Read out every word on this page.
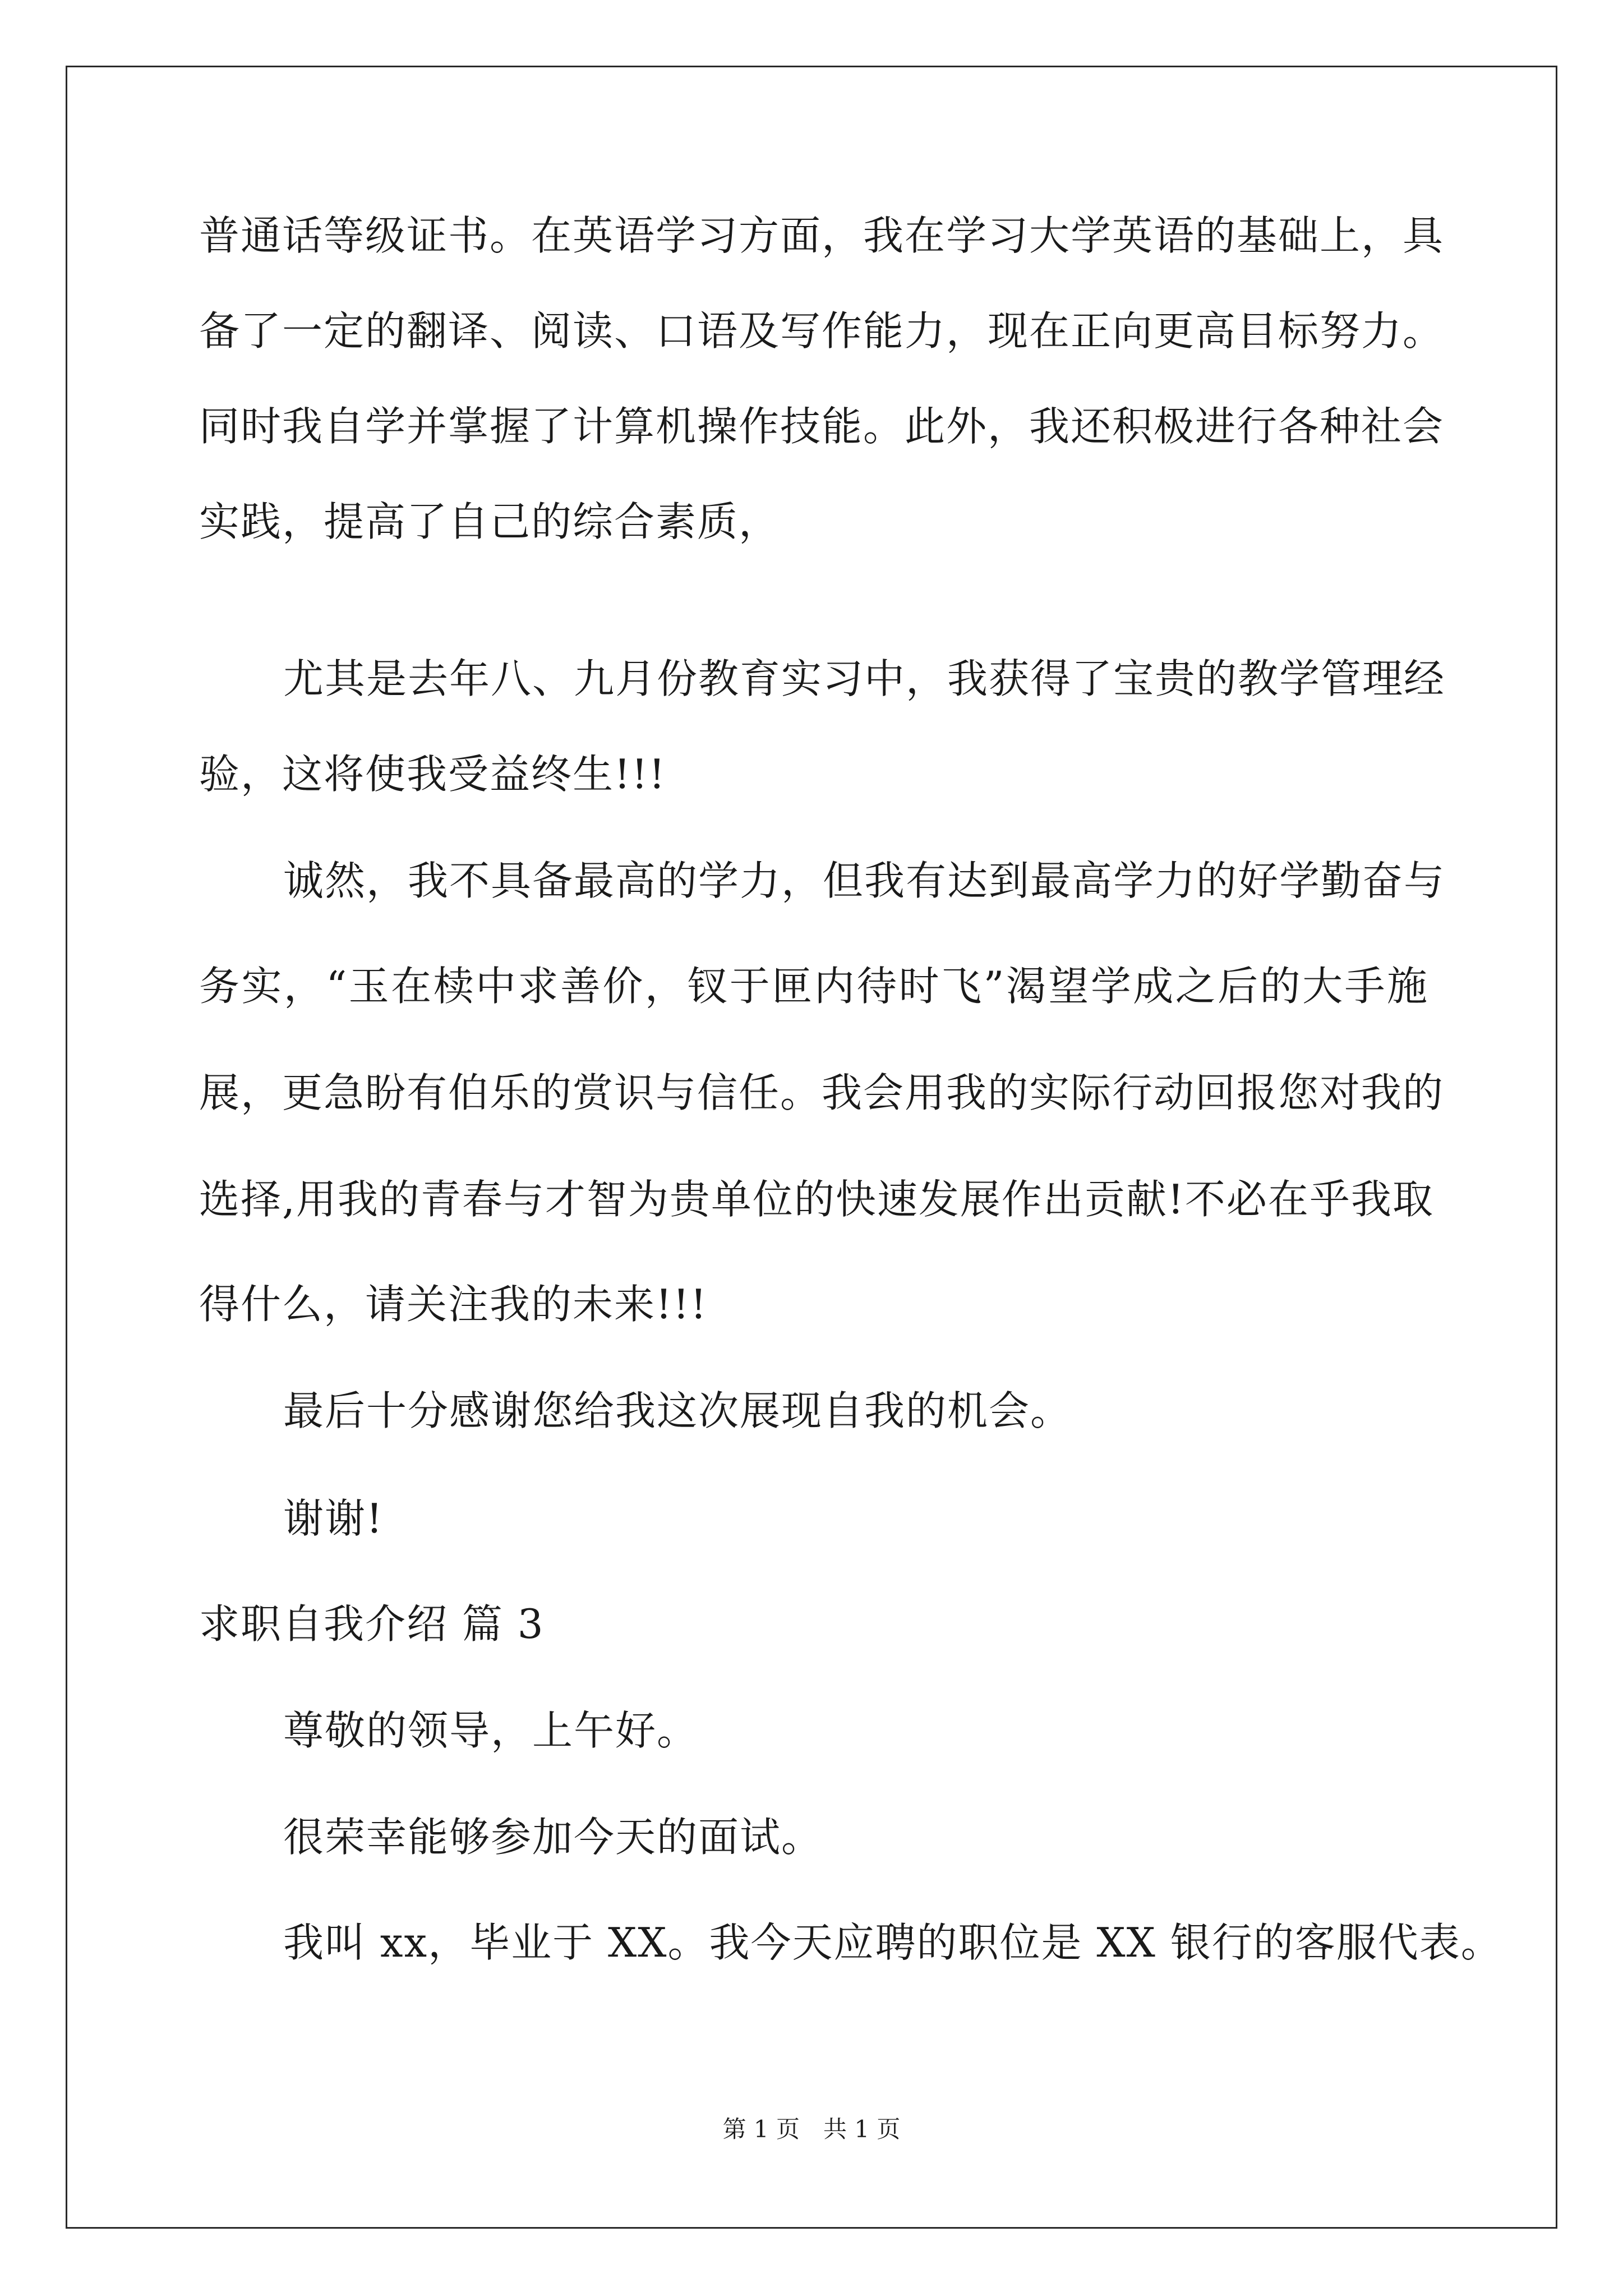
普通话等级证书。在英语学习方面，我在学习大学英语的基础上，具
备了一定的翻译、阅读、口语及写作能力，现在正向更高目标努力。
同时我自学并掌握了计算机操作技能。此外，我还积极进行各种社会
实践，提高了自己的综合素质，
尤其是去年八、九月份教育实习中，我获得了宝贵的教学管理经
验，这将使我受益终生!!!
诚然，我不具备最高的学力，但我有达到最高学力的好学勤奋与
务实，“玉在椟中求善价，钗于匣内待时飞”渴望学成之后的大手施
展，更急盼有伯乐的赏识与信任。我会用我的实际行动回报您对我的
选择,用我的青春与才智为贵单位的快速发展作出贡献!不必在乎我取
得什么，请关注我的未来!!!
最后十分感谢您给我这次展现自我的机会。
谢谢!
求职自我介绍 篇 3
尊敬的领导，上午好。
很荣幸能够参加今天的面试。
我叫 xx，毕业于 XX。我今天应聘的职位是 XX 银行的客服代表。
第 1 页　共 1 页
